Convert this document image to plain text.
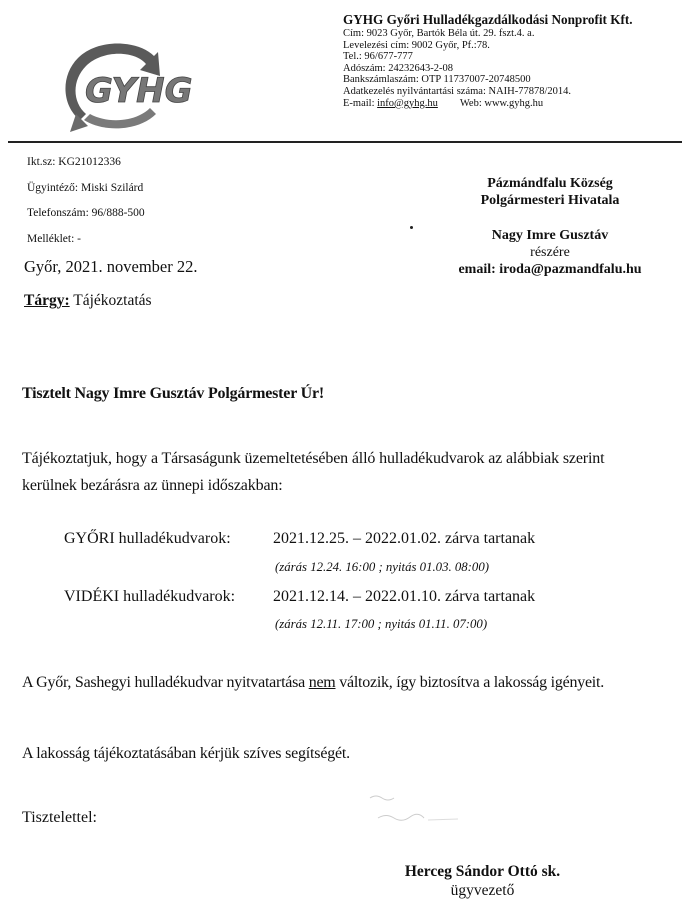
GYHG
GYHG Győri Hulladékgazdálkodási Nonprofit Kft.
Cím: 9023 Győr, Bartók Béla út. 29. fszt.4. a.
Levelezési cím: 9002 Győr, Pf.:78.
Tel.: 96/677-777
Adószám: 24232643-2-08
Bankszámlaszám: OTP 11737007-20748500
Adatkezelés nyilvántartási száma: NAIH-77878/2014.
E-mail: info@gyhg.hu Web: www.gyhg.hu
Ikt.sz: KG21012336
Ügyintéző: Miski Szilárd
Telefonszám: 96/888-500
Melléklet: -
Győr, 2021. november 22.
Tárgy: Tájékoztatás
Pázmándfalu Község
Polgármesteri Hivatala
Nagy Imre Gusztáv
részére
email: iroda@pazmandfalu.hu
Tisztelt Nagy Imre Gusztáv Polgármester Úr!
Tájékoztatjuk, hogy a Társaságunk üzemeltetésében álló hulladékudvarok az alábbiak szerint
kerülnek bezárásra az ünnepi időszakban:
GYŐRI hulladékudvarok:	2021.12.25. – 2022.01.02. zárva tartanak
(zárás 12.24. 16:00 ; nyitás 01.03. 08:00)
VIDÉKI hulladékudvarok: 2021.12.14. – 2022.01.10. zárva tartanak
(zárás 12.11. 17:00 ; nyitás 01.11. 07:00)
A Győr, Sashegyi hulladékudvar nyitvatartása nem változik, így biztosítva a lakosság igényeit.
A lakosság tájékoztatásában kérjük szíves segítségét.
Tisztelettel:
Herceg Sándor Ottó sk.
ügyvezető
